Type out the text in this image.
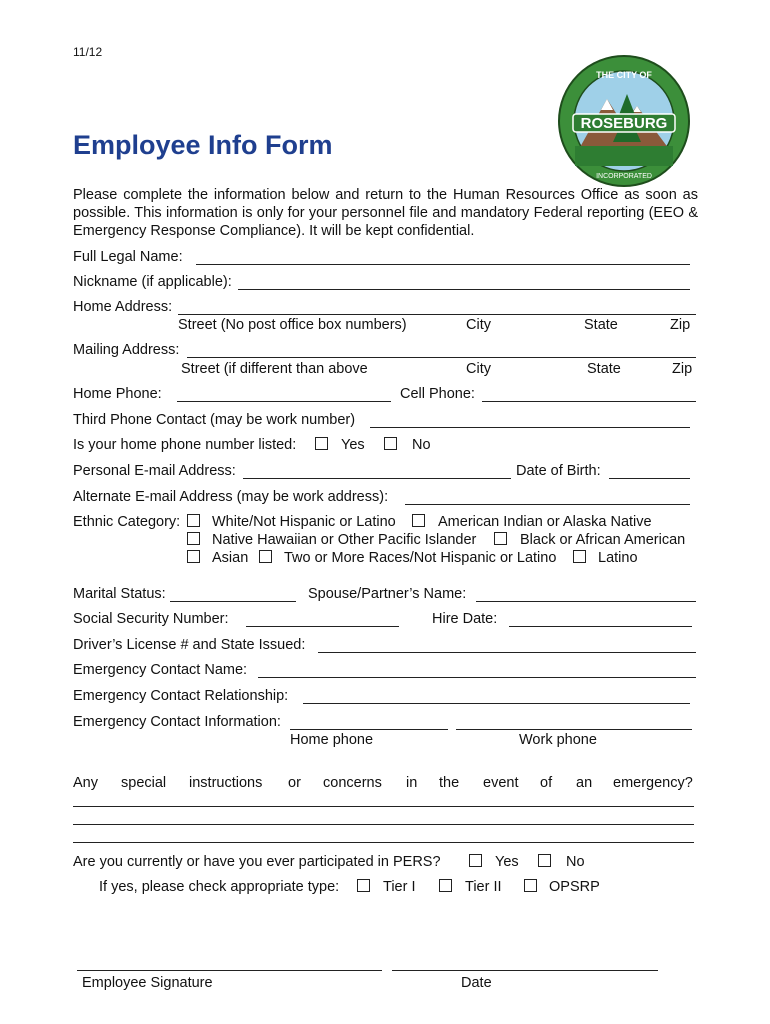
11/12
ROSEBURG
THE CITY OF
INCORPORATED
Employee Info Form
Please complete the information below and return to the Human Resources Office as soon as possible. This information is only for your personnel file and mandatory Federal reporting (EEO & Emergency Response Compliance). It will be kept confidential.
Full Legal Name:
Nickname (if applicable):
Home Address:
Street (No post office box numbers)	City	State	Zip
Mailing Address:
Street (if different than above	City	State	Zip
Home Phone:	Cell Phone:
Third Phone Contact (may be work number)
Is your home phone number listed:	Yes	No
Personal E-mail Address:	Date of Birth:
Alternate E-mail Address (may be work address):
Ethnic Category: White/Not Hispanic or Latino	American Indian or Alaska Native
Native Hawaiian or Other Pacific Islander	Black or African American
Asian Two or More Races/Not Hispanic or Latino	Latino
Marital Status:	Spouse/Partner’s Name:
Social Security Number:	Hire Date:
Driver’s License # and State Issued:
Emergency Contact Name:
Emergency Contact Relationship:
Emergency Contact Information:
Home phone	Work phone
Any special instructions or concerns in the event of an emergency?
Are you currently or have you ever participated in PERS?	Yes	No
If yes, please check appropriate type:	Tier I	Tier II	OPSRP
Employee Signature	Date
